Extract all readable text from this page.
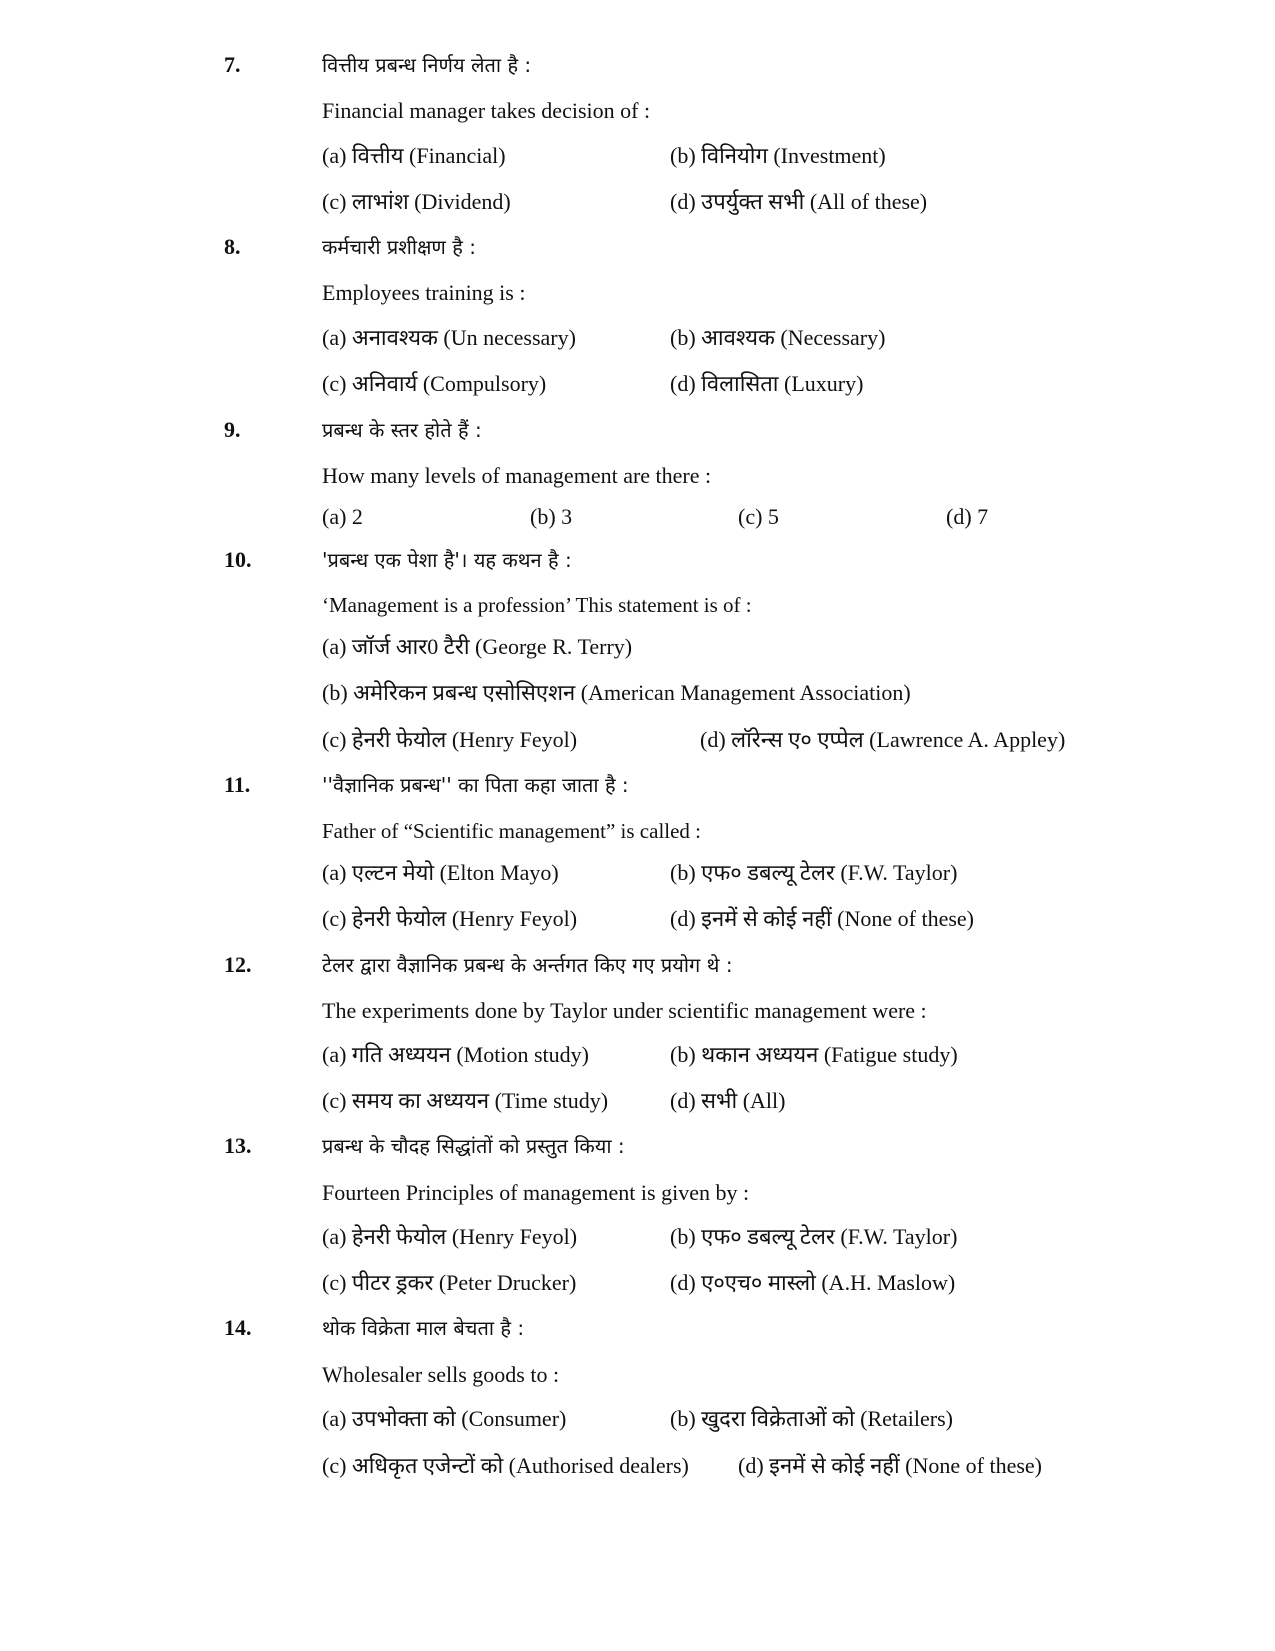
7.	वित्तीय प्रबन्ध निर्णय लेता है :
Financial manager takes decision of :
(a) वित्तीय (Financial)	(b) विनियोग (Investment)
(c) लाभांश (Dividend)	(d) उपर्युक्त सभी (All of these)
8.	कर्मचारी प्रशीक्षण है :
Employees training is :
(a) अनावश्यक (Un necessary)	(b) आवश्यक (Necessary)
(c) अनिवार्य (Compulsory)	(d) विलासिता (Luxury)
9.	प्रबन्ध के स्तर होते हैं :
How many levels of management are there :
(a) 2	(b) 3	(c) 5	(d) 7
10.	'प्रबन्ध एक पेशा है'। यह कथन है :
‘Management is a profession’ This statement is of :
(a) जॉर्ज आर0 टैरी (George R. Terry)
(b) अमेरिकन प्रबन्ध एसोसिएशन (American Management Association)
(c) हेनरी फेयोल (Henry Feyol)	(d) लॉरेन्स ए० एप्पेल (Lawrence A. Appley)
11.	''वैज्ञानिक प्रबन्ध'' का पिता कहा जाता है :
Father of “Scientific management” is called :
(a) एल्टन मेयो (Elton Mayo)	(b) एफ० डबल्यू टेलर (F.W. Taylor)
(c) हेनरी फेयोल (Henry Feyol)	(d) इनमें से कोई नहीं (None of these)
12.	टेलर द्वारा वैज्ञानिक प्रबन्ध के अर्न्तगत किए गए प्रयोग थे :
The experiments done by Taylor under scientific management were :
(a) गति अध्ययन (Motion study)	(b) थकान अध्ययन (Fatigue study)
(c) समय का अध्ययन (Time study)	(d) सभी (All)
13.	प्रबन्ध के चौदह सिद्धांतों को प्रस्तुत किया :
Fourteen Principles of management is given by :
(a) हेनरी फेयोल (Henry Feyol)	(b) एफ० डबल्यू टेलर (F.W. Taylor)
(c) पीटर ड्रकर (Peter Drucker)	(d) ए०एच० मास्लो (A.H. Maslow)
14.	थोक विक्रेता माल बेचता है :
Wholesaler sells goods to :
(a) उपभोक्ता को (Consumer)	(b) खुदरा विक्रेताओं को (Retailers)
(c) अधिकृत एजेन्टों को (Authorised dealers) (d) इनमें से कोई नहीं (None of these)
